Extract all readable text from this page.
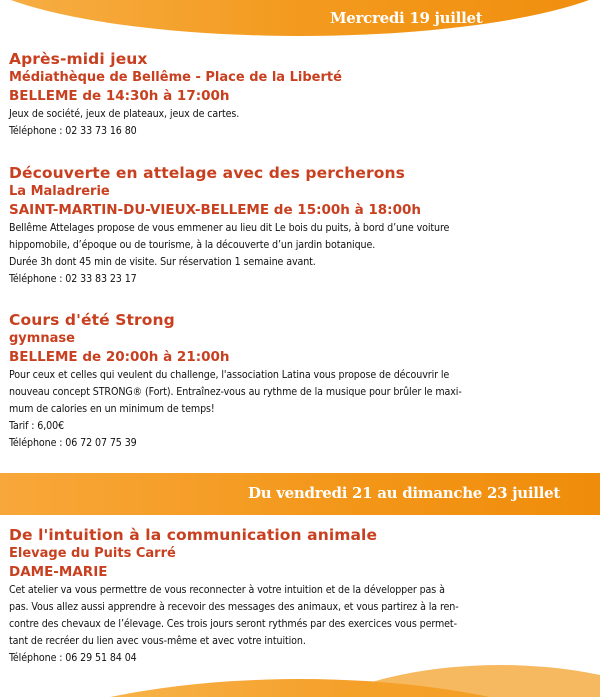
Mercredi 19 juillet
Après-midi jeux
Médiathèque de Bellême - Place de la Liberté
BELLEME de 14:30h à 17:00h

Jeux de société, jeux de plateaux, jeux de cartes.

Téléphone : 02 33 73 16 80

Découverte en attelage avec des percherons
La Maladrerie
SAINT-MARTIN-DU-VIEUX-BELLEME de 15:00h à 18:00h

Bellême Attelages propose de vous emmener au lieu dit Le bois du puits, à bord d’une voiture

hippomobile, d’époque ou de tourisme, à la découverte d’un jardin botanique.

Durée 3h dont 45 min de visite. Sur réservation 1 semaine avant.

Téléphone : 02 33 83 23 17

Cours d'été Strong
gymnase
BELLEME de 20:00h à 21:00h

Pour ceux et celles qui veulent du challenge, l'association Latina vous propose de découvrir le

nouveau concept STRONG® (Fort). Entraînez-vous au rythme de la musique pour brûler le maxi-

mum de calories en un minimum de temps!

Tarif : 6,00€

Téléphone : 06 72 07 75 39

Du vendredi 21 au dimanche 23 juillet
De l'intuition à la communication animale
Elevage du Puits Carré
DAME-MARIE

Cet atelier va vous permettre de vous reconnecter à votre intuition et de la développer pas à

pas. Vous allez aussi apprendre à recevoir des messages des animaux, et vous partirez à la ren-

contre des chevaux de l’élevage. Ces trois jours seront rythmés par des exercices vous permet-

tant de recréer du lien avec vous-même et avec votre intuition.

Téléphone : 06 29 51 84 04
